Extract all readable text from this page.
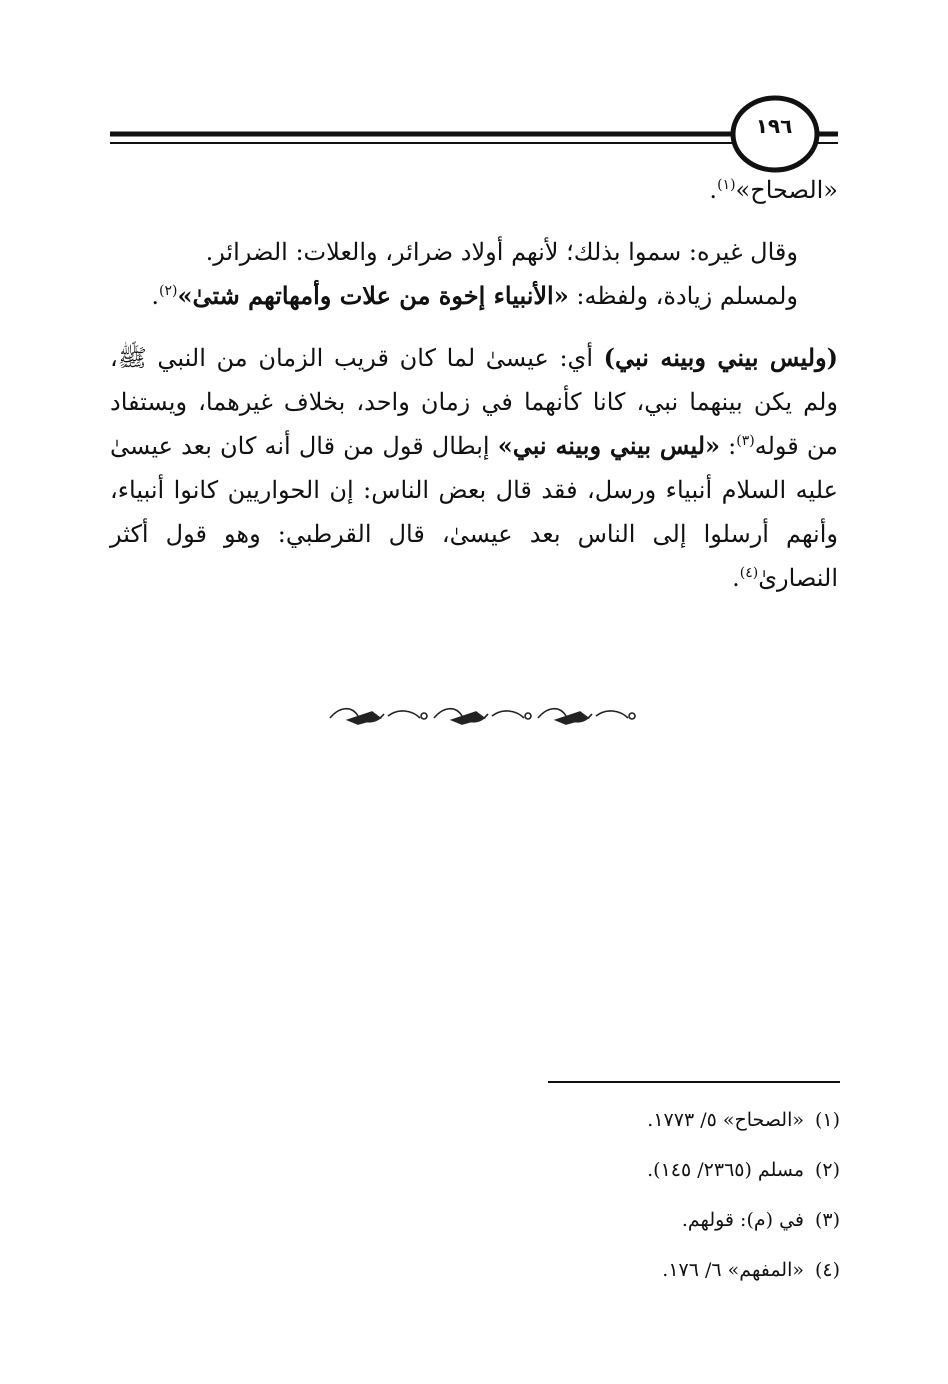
١٩٦
«الصحاح»$^{(١)}$.

وقال غيره: سموا بذلك؛ لأنهم أولاد ضرائر، والعلات: الضرائر.

ولمسلم زيادة، ولفظه: «الأنبياء إخوة من علات وأمهاتهم شتىٰ»$^{(٢)}$.

(وليس بيني وبينه نبي) أي: عيسىٰ لما كان قريب الزمان من النبي ﷺ، ولم يكن بينهما نبي، كانا كأنهما في زمان واحد، بخلاف غيرهما، ويستفاد من قوله$^{(٣)}$: «ليس بيني وبينه نبي» إبطال قول من قال أنه كان بعد عيسىٰ عليه السلام أنبياء ورسل، فقد قال بعض الناس: إن الحواريين كانوا أنبياء، وأنهم أرسلوا إلى الناس بعد عيسىٰ، قال القرطبي: وهو قول أكثر النصارىٰ$^{(٤)}$.

(١)«الصحاح» ٥/ ١٧٧٣.
(٢)مسلم (٢٣٦٥/ ١٤٥).
(٣)في (م): قولهم.
(٤)«المفهم» ٦/ ١٧٦.
